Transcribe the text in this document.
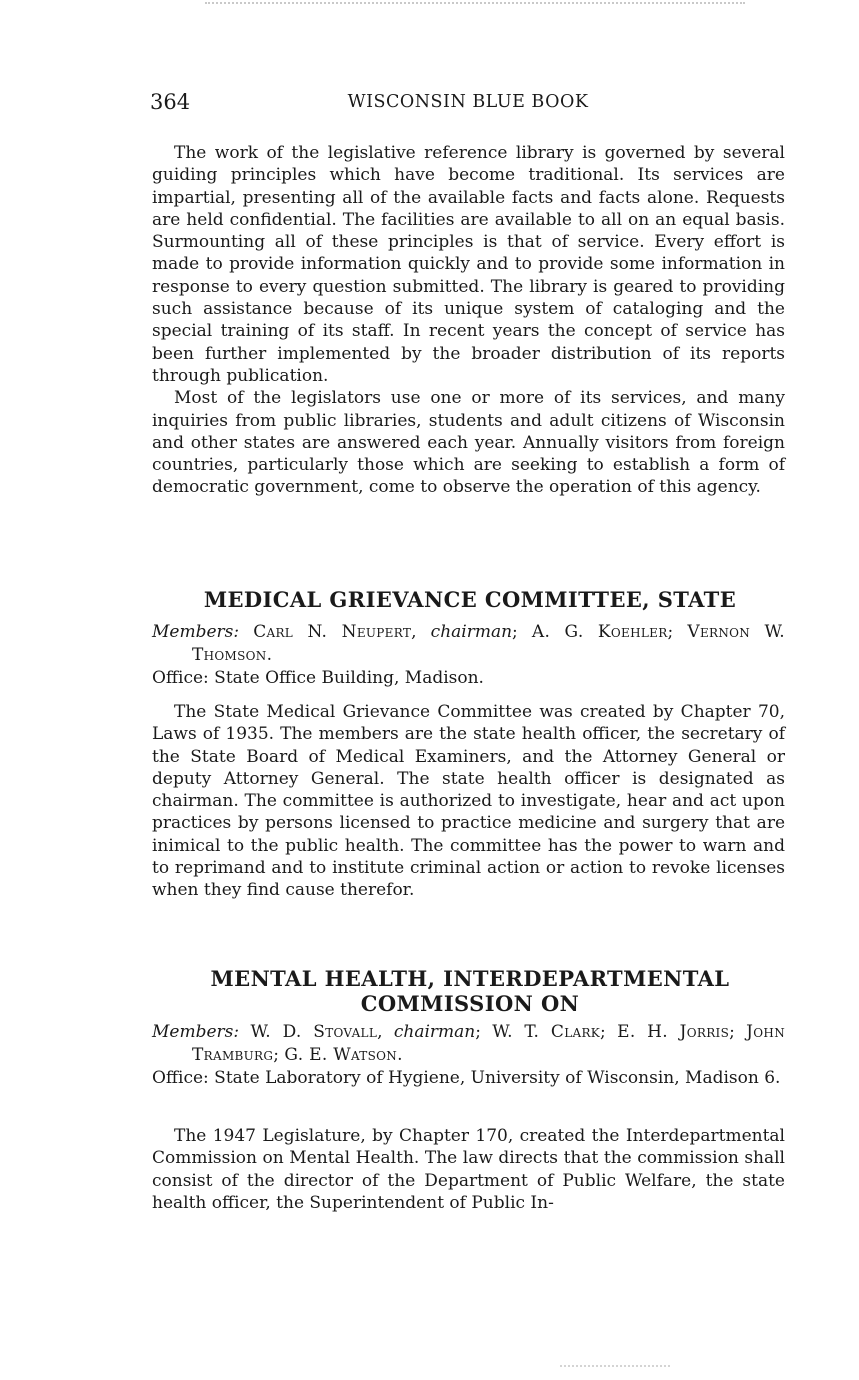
364	WISCONSIN BLUE BOOK

The work of the legislative reference library is governed by several guiding principles which have become traditional. Its services are impartial, presenting all of the available facts and facts alone. Requests are held confidential. The facilities are available to all on an equal basis. Surmounting all of these principles is that of service. Every effort is made to provide information quickly and to provide some information in response to every question submitted. The library is geared to providing such assistance because of its unique system of cataloging and the special training of its staff. In recent years the concept of service has been further implemented by the broader distribution of its reports through publication.

Most of the legislators use one or more of its services, and many inquiries from public libraries, students and adult citizens of Wisconsin and other states are answered each year. Annually visitors from foreign countries, particularly those which are seeking to establish a form of democratic government, come to observe the operation of this agency.

MEDICAL GRIEVANCE COMMITTEE, STATE

Members: Carl N. Neupert, chairman; A. G. Koehler; Vernon W. Thomson.

Office: State Office Building, Madison.

The State Medical Grievance Committee was created by Chapter 70, Laws of 1935. The members are the state health officer, the secretary of the State Board of Medical Examiners, and the Attorney General or deputy Attorney General. The state health officer is designated as chairman. The committee is authorized to investigate, hear and act upon practices by persons licensed to practice medicine and surgery that are inimical to the public health. The committee has the power to warn and to reprimand and to institute criminal action or action to revoke licenses when they find cause therefor.

MENTAL HEALTH, INTERDEPARTMENTAL
COMMISSION ON

Members: W. D. Stovall, chairman; W. T. Clark; E. H. Jorris; John Tramburg; G. E. Watson.

Office: State Laboratory of Hygiene, University of Wisconsin, Madison 6.

The 1947 Legislature, by Chapter 170, created the Interdepartmental Commission on Mental Health. The law directs that the commission shall consist of the director of the Department of Public Welfare, the state health officer, the Superintendent of Public In-
